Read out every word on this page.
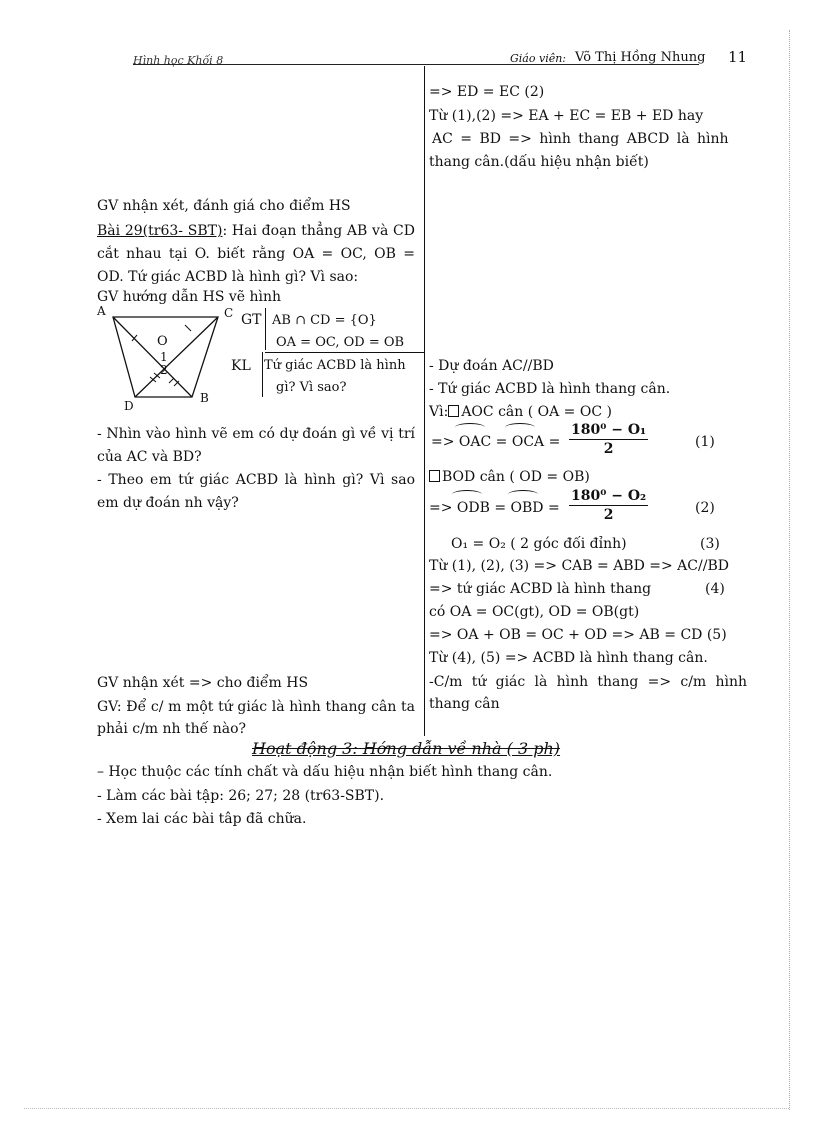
Hình học Khối 8	Giáo viên: Võ Thị Hồng Nhung 11
=> ED = EC (2)
Từ (1),(2) => EA + EC = EB + ED hay
AC = BD => hình thang ABCD là hình
thang cân.(dấu hiệu nhận biết)
GV nhận xét, đánh giá cho điểm HS
Bài 29(tr63- SBT): Hai đoạn thẳng AB và CD cắt nhau tại O. biết rằng OA = OC, OB = OD. Tứ giác ACBD là hình gì? Vì sao:
GV hướng dẫn HS vẽ hình
A	C
O
1
2
D
B
GT AB ∩ CD = {O}
OA = OC, OD = OB
KL Tứ giác ACBD là hình
gì? Vì sao?
- Nhìn vào hình vẽ em có dự đoán gì về vị trí của AC và BD?
- Theo em tứ giác ACBD là hình gì? Vì sao em dự đoán nh vậy?
- Dự đoán AC//BD
- Tứ giác ACBD là hình thang cân.
Vì: AOC cân ( OA = OC )
=> OAC = OCA = $\frac{\text{180⁰ − O₁}}{2}$	(1)
BOD cân ( OD = OB)
=> ODB = OBD = $\frac{\text{180⁰ − O₂}}{2}$	(2)
O₁ = O₂ ( 2 góc đối đỉnh)	(3)
Từ (1), (2), (3) => CAB = ABD => AC//BD
=> tứ giác ACBD là hình thang	(4)
có OA = OC(gt), OD = OB(gt)
=> OA + OB = OC + OD => AB = CD (5)
Từ (4), (5) => ACBD là hình thang cân.
-C/m tứ giác là hình thang => c/m hình thang cân
GV nhận xét => cho điểm HS
GV: Để c/ m một tứ giác là hình thang cân ta phải c/m nh thế nào?
Hoạt động 3: Hớng dẫn về nhà ( 3 ph)
– Học thuộc các tính chất và dấu hiệu nhận biết hình thang cân.
- Làm các bài tập: 26; 27; 28 (tr63-SBT).
- Xem lai các bài tâp đã chữa.
